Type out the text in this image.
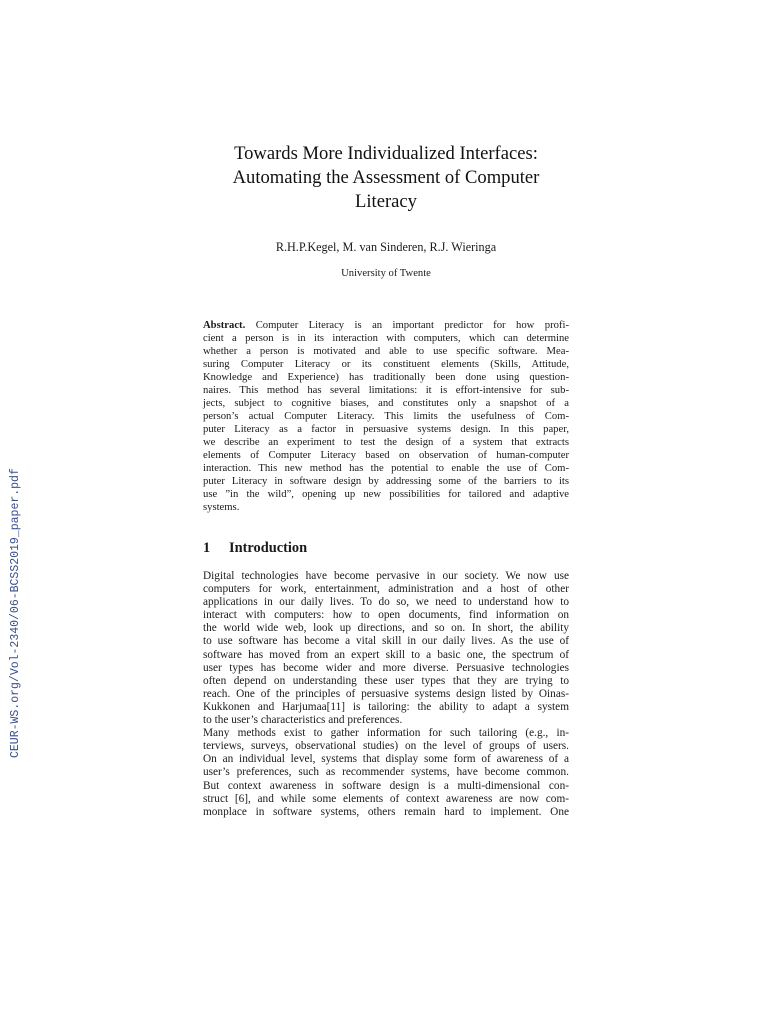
CEUR-WS.org/Vol-2340/06-BCSS2019_paper.pdf
Towards More Individualized Interfaces:
Automating the Assessment of Computer
Literacy
R.H.P.Kegel, M. van Sinderen, R.J. Wieringa
University of Twente
Abstract. Computer Literacy is an important predictor for how profi-
cient a person is in its interaction with computers, which can determine
whether a person is motivated and able to use specific software. Mea-
suring Computer Literacy or its constituent elements (Skills, Attitude,
Knowledge and Experience) has traditionally been done using question-
naires. This method has several limitations: it is effort-intensive for sub-
jects, subject to cognitive biases, and constitutes only a snapshot of a
person’s actual Computer Literacy. This limits the usefulness of Com-
puter Literacy as a factor in persuasive systems design. In this paper,
we describe an experiment to test the design of a system that extracts
elements of Computer Literacy based on observation of human-computer
interaction. This new method has the potential to enable the use of Com-
puter Literacy in software design by addressing some of the barriers to its
use ”in the wild”, opening up new possibilities for tailored and adaptive
systems.
1 Introduction
Digital technologies have become pervasive in our society. We now use
computers for work, entertainment, administration and a host of other
applications in our daily lives. To do so, we need to understand how to
interact with computers: how to open documents, find information on
the world wide web, look up directions, and so on. In short, the ability
to use software has become a vital skill in our daily lives. As the use of
software has moved from an expert skill to a basic one, the spectrum of
user types has become wider and more diverse. Persuasive technologies
often depend on understanding these user types that they are trying to
reach. One of the principles of persuasive systems design listed by Oinas-
Kukkonen and Harjumaa[11] is tailoring: the ability to adapt a system
to the user’s characteristics and preferences.
Many methods exist to gather information for such tailoring (e.g., in-
terviews, surveys, observational studies) on the level of groups of users.
On an individual level, systems that display some form of awareness of a
user’s preferences, such as recommender systems, have become common.
But context awareness in software design is a multi-dimensional con-
struct [6], and while some elements of context awareness are now com-
monplace in software systems, others remain hard to implement. One
